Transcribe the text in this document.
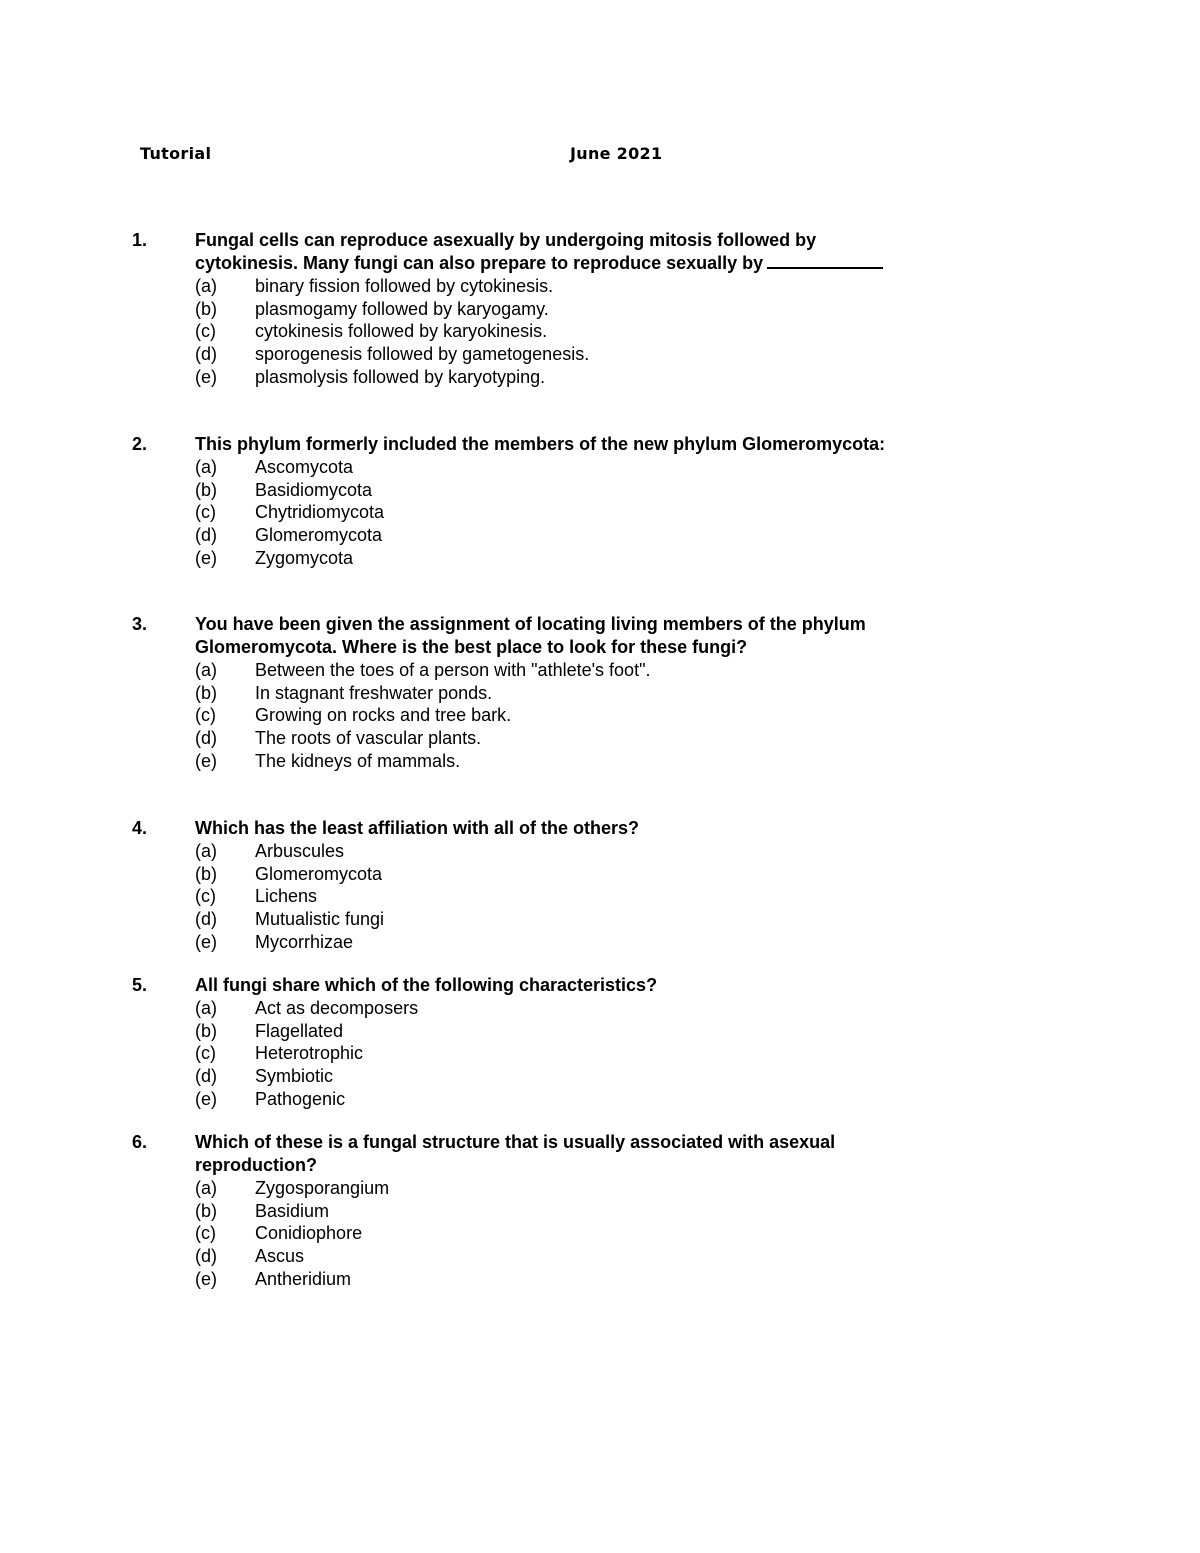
Tutorial	June 2021
1.	Fungal cells can reproduce asexually by undergoing mitosis followed by
cytokinesis. Many fungi can also prepare to reproduce sexually by
(a) binary fission followed by cytokinesis.
(b) plasmogamy followed by karyogamy.
(c) cytokinesis followed by karyokinesis.
(d) sporogenesis followed by gametogenesis.
(e) plasmolysis followed by karyotyping.
2.	This phylum formerly included the members of the new phylum Glomeromycota:
(a) Ascomycota
(b) Basidiomycota
(c) Chytridiomycota
(d) Glomeromycota
(e) Zygomycota
3.	You have been given the assignment of locating living members of the phylum
Glomeromycota. Where is the best place to look for these fungi?
(a) Between the toes of a person with "athlete's foot".
(b) In stagnant freshwater ponds.
(c) Growing on rocks and tree bark.
(d) The roots of vascular plants.
(e) The kidneys of mammals.
4.	Which has the least affiliation with all of the others?
(a) Arbuscules
(b) Glomeromycota
(c) Lichens
(d) Mutualistic fungi
(e) Mycorrhizae
5.	All fungi share which of the following characteristics?
(a) Act as decomposers
(b) Flagellated
(c) Heterotrophic
(d) Symbiotic
(e) Pathogenic
6.	Which of these is a fungal structure that is usually associated with asexual
reproduction?
(a) Zygosporangium
(b) Basidium
(c) Conidiophore
(d) Ascus
(e) Antheridium
